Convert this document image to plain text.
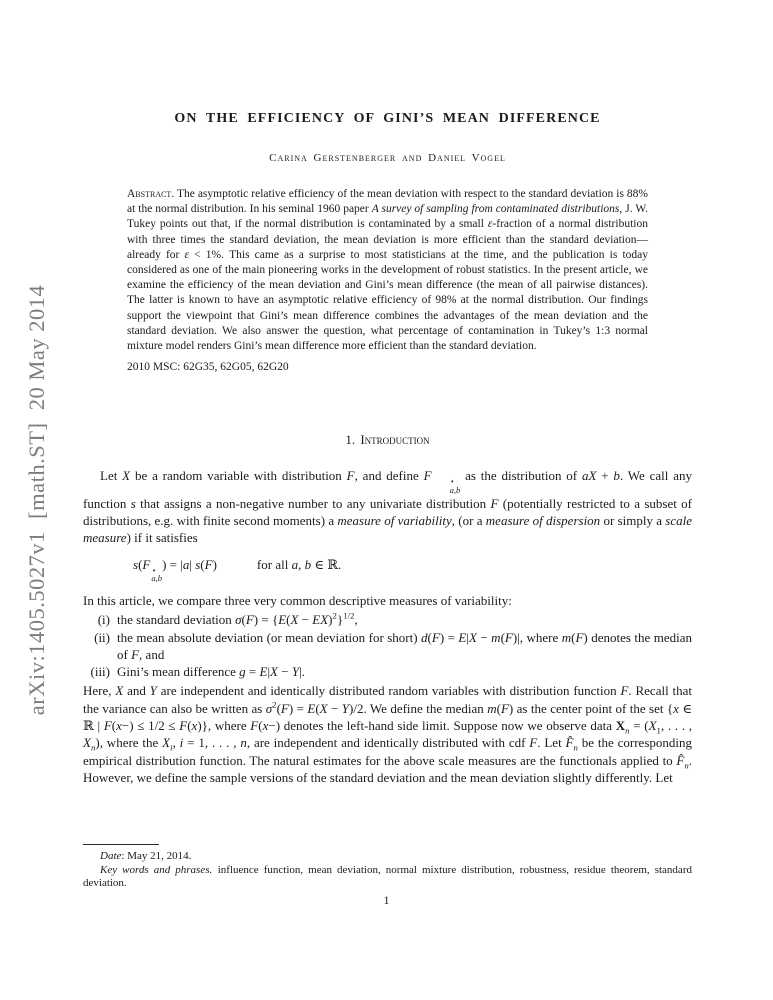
arXiv:1405.5027v1  [math.ST]  20 May 2014
ON THE EFFICIENCY OF GINI’S MEAN DIFFERENCE
Carina Gerstenberger and Daniel Vogel
Abstract. The asymptotic relative efficiency of the mean deviation with respect to the standard deviation is 88% at the normal distribution. In his seminal 1960 paper A survey of sampling from contaminated distributions, J. W. Tukey points out that, if the normal distribution is contaminated by a small ε-fraction of a normal distribution with three times the standard deviation, the mean deviation is more efficient than the standard deviation—already for ε < 1%. This came as a surprise to most statisticians at the time, and the publication is today considered as one of the main pioneering works in the development of robust statistics. In the present article, we examine the efficiency of the mean deviation and Gini’s mean difference (the mean of all pairwise distances). The latter is known to have an asymptotic relative efficiency of 98% at the normal distribution. Our findings support the viewpoint that Gini’s mean difference combines the advantages of the mean deviation and the standard deviation. We also answer the question, what percentage of contamination in Tukey’s 1:3 normal mixture model renders Gini’s mean difference more efficient than the standard deviation.
2010 MSC: 62G35, 62G05, 62G20
1. Introduction

Let X be a random variable with distribution F, and define F	⋆
a,b
as the distribution of aX + b. We call any function s that assigns a non-negative number to any univariate distribution F (potentially restricted to a subset of distributions, e.g. with finite second moments) a measure of variability, (or a measure of dispersion or simply a scale measure) if it satisfies

s(F ⋆
a,b
) = |a| s(F)	for all a, b ∈ ℝ.

In this article, we compare three very common descriptive measures of variability:

(i) the standard deviation $\sigma(F) = \{E(X - EX)^2\}^{1/2}$,
(ii) the mean absolute deviation (or mean deviation for short) d(F) = E|X − m(F)|, where m(F) denotes the median of F, and
(iii) Gini’s mean difference g = E|X − Y|.

Here, X and Y are independent and identically distributed random variables with distribution function F. Recall that the variance can also be written as $\sigma^2(F) = E(X - Y)/2$. We define the median m(F) as the center point of the set {x ∈ ℝ | F(x−) ≤ 1/2 ≤ F(x)}, where F(x−) denotes the left-hand side limit. Suppose now we observe data $X_n = (X_1$, . . . , $X_n$), where the $X_i$, i = 1, . . . , n, are independent and identically distributed with cdf F. Let $F̂_n$ be the corresponding empirical distribution function. The natural estimates for the above scale measures are the functionals applied to $F̂_n$. However, we define the sample versions of the standard deviation and the mean deviation slightly differently. Let

Date: May 21, 2014.

Key words and phrases. influence function, mean deviation, normal mixture distribution, robustness, residue theorem, standard deviation.

1
